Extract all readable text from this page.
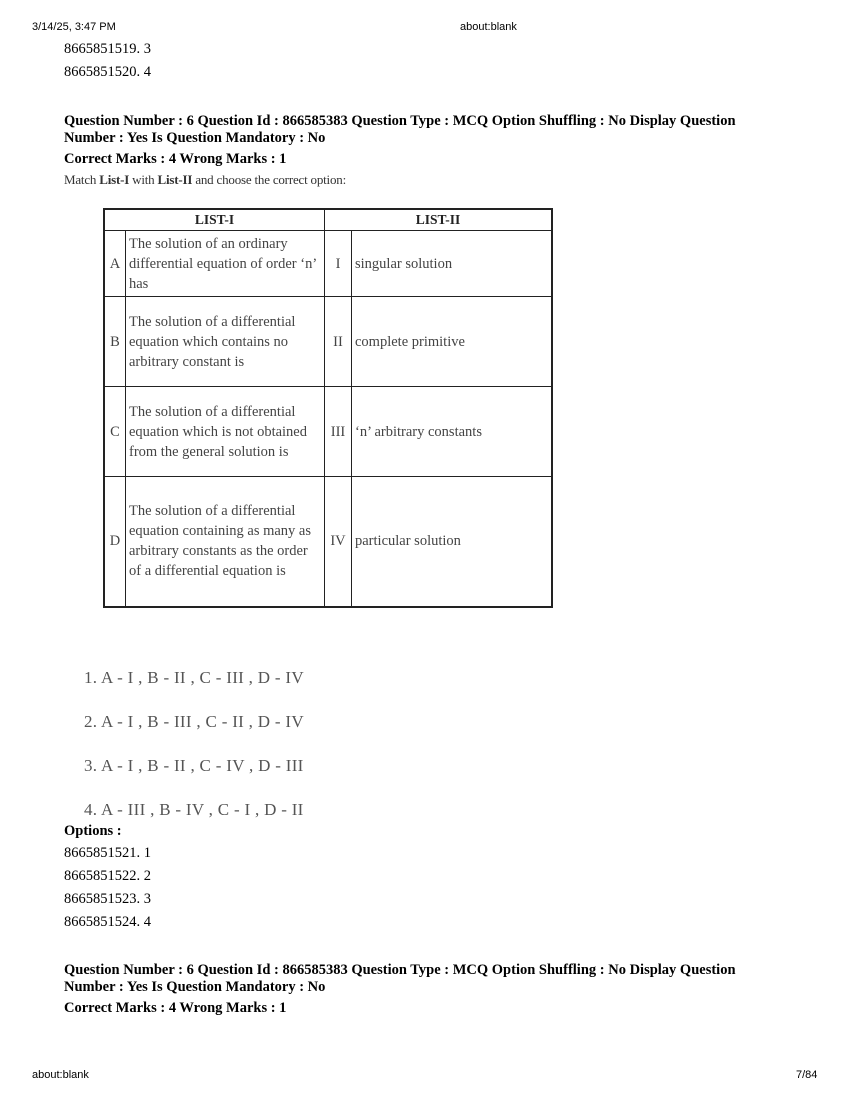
3/14/25, 3:47 PM	about:blank
8665851519. 3
8665851520. 4
Question Number : 6 Question Id : 866585383 Question Type : MCQ Option Shuffling : No Display Question Number : Yes Is Question Mandatory : No
Correct Marks : 4 Wrong Marks : 1
Match List-I with List-II and choose the correct option:
LIST-I		LIST-II	
A	The solution of an ordinary differential equation of order ‘n’ has	I	singular solution
B	The solution of a differential equation which contains no arbitrary constant is	II	complete primitive
C	The solution of a differential equation which is not obtained from the general solution is	III	‘n’ arbitrary constants
D	The solution of a differential equation containing as many as arbitrary constants as the order of a differential equation is	IV	particular solution
1. A - I , B - II , C - III , D - IV
2. A - I , B - III , C - II , D - IV
3. A - I , B - II , C - IV , D - III
4. A - III , B - IV , C - I , D - II
Options :
8665851521. 1
8665851522. 2
8665851523. 3
8665851524. 4
Question Number : 6 Question Id : 866585383 Question Type : MCQ Option Shuffling : No Display Question Number : Yes Is Question Mandatory : No
Correct Marks : 4 Wrong Marks : 1
about:blank	7/84
